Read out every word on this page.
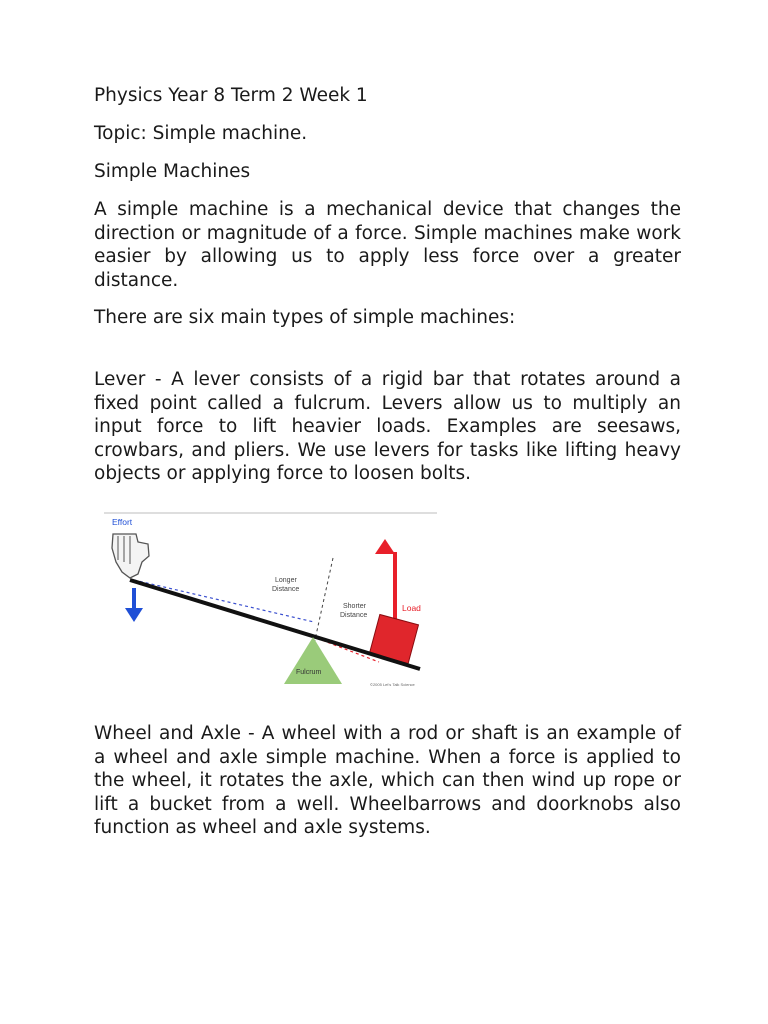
Physics Year 8 Term 2 Week 1

Topic: Simple machine.

Simple Machines

A simple machine is a mechanical device that changes the direction or magnitude of a force. Simple machines make work easier by allowing us to apply less force over a greater distance.

There are six main types of simple machines:

Lever - A lever consists of a rigid bar that rotates around a fixed point called a fulcrum. Levers allow us to multiply an input force to lift heavier loads. Examples are seesaws, crowbars, and pliers. We use levers for tasks like lifting heavy objects or applying force to loosen bolts.

Effort
Longer
Distance
Shorter
Distance
Load
Fulcrum
©2005 Let's Talk Science

Wheel and Axle - A wheel with a rod or shaft is an example of a wheel and axle simple machine. When a force is applied to the wheel, it rotates the axle, which can then wind up rope or lift a bucket from a well. Wheelbarrows and doorknobs also function as wheel and axle systems.
